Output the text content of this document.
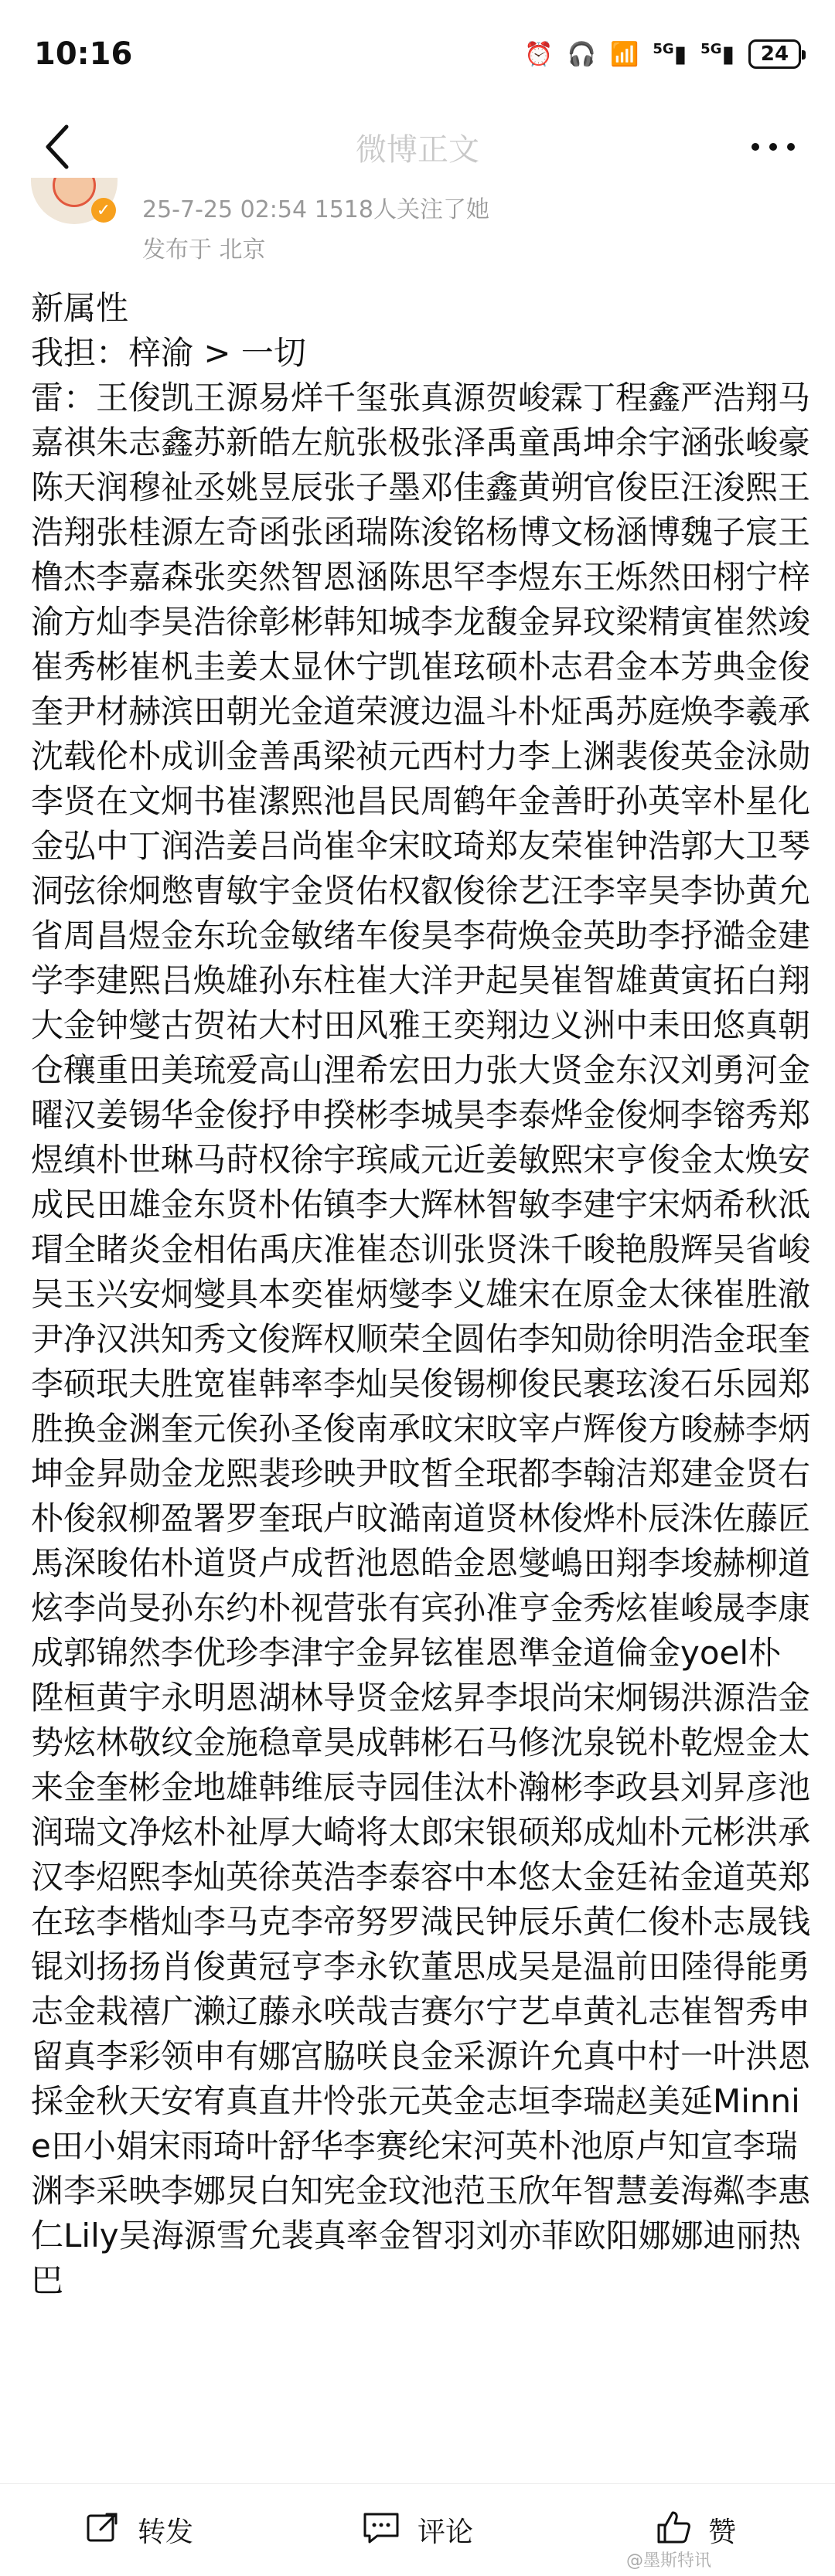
10:16	⏰ 🎧 📶 $^{5G}$▮ $^{5G}$▮ 24
微博正文
✓ 25-7-25 02:54 1518人关注了她
发布于 北京

新属性

我担：梓渝 > 一切

雷：王俊凯王源易烊千玺张真源贺峻霖丁程鑫严浩翔马嘉祺朱志鑫苏新皓左航张极张泽禹童禹坤余宇涵张峻豪陈天润穆祉丞姚昱辰张子墨邓佳鑫黄朔官俊臣汪浚熙王浩翔张桂源左奇函张函瑞陈浚铭杨博文杨涵博魏子宸王橹杰李嘉森张奕然智恩涵陈思罕李煜东王烁然田栩宁梓渝方灿李昊浩徐彰彬韩知城李龙馥金昇玟梁精寅崔然竣崔秀彬崔杋圭姜太显休宁凯崔玹硕朴志君金本芳典金俊奎尹材赫滨田朝光金道荣渡边温斗朴炡禹苏庭焕李羲承沈载伦朴成训金善禹梁祯元西村力李上渊裴俊英金泳勋李贤在文炯书崔潔熙池昌民周鹤年金善盱孙英宰朴星化金弘中丁润浩姜吕尚崔伞宋旼琦郑友荣崔钟浩郭大卫琴洞弦徐炯憋曺敏宇金贤佑权叡俊徐艺汪李宰昊李协黄允省周昌煜金东玧金敏绪车俊昊李荷焕金英助李抒澔金建学李建熙吕焕雄孙东柱崔大洋尹起昊崔智雄黄寅拓白翔大金钟燮古贺祐大村田风雅王奕翔边义洲中耒田悠真朝仓穰重田美琉爱高山浬希宏田力张大贤金东汉刘勇河金曜汉姜锡华金俊抒申揆彬李城昊李泰烨金俊炯李镕秀郑煜缜朴世琳马莳权徐宇瑸咸元近姜敏熙宋亨俊金太焕安成民田雄金东贤朴佑镇李大辉林智敏李建宇宋炳希秋泜瑁全睹炎金相佑禹庆准崔态训张贤洙千晙艳殷辉吴省峻吴玉兴安炯燮具本奕崔炳燮李义雄宋在原金太徕崔胜澈尹净汉洪知秀文俊辉权顺荣全圆佑李知勋徐明浩金珉奎李硕珉夫胜宽崔韩率李灿吴俊锡柳俊民裹玹浚石乐园郑胜换金渊奎元俟孙圣俊南承旼宋旼宰卢辉俊方晙赫李炳坤金昇勋金龙熙裴珍映尹旼皙全珉都李翰洁郑建金贤右朴俊叙柳盈署罗奎珉卢旼澔南道贤林俊烨朴辰洙佐藤匠馬深晙佑朴道贤卢成哲池恩皓金恩燮嶋田翔李埈赫柳道炫李尚旻孙东约朴视营张有宾孙准亨金秀炫崔峻晟李康成郭锦然李优珍李津宇金昇铉崔恩準金道倫金yoel朴陞桓黄宇永明恩湖林导贤金炫昇李垠尚宋炯锡洪源浩金势炫林敬纹金施稳章昊成韩彬石马修沈泉锐朴乾煜金太来金奎彬金地雄韩维辰寺园佳汰朴瀚彬李政县刘昇彦池润瑞文净炫朴祉厚大崎将太郎宋银硕郑成灿朴元彬洪承汉李炤熙李灿英徐英浩李泰容中本悠太金廷祐金道英郑在玹李楷灿李马克李帝努罗渽民钟辰乐黄仁俊朴志晟钱锟刘扬扬肖俊黄冠亨李永钦董思成吴是温前田陸得能勇志金栽禧广濑辽藤永咲哉吉赛尔宁艺卓黄礼志崔智秀申留真李彩领申有娜宫脇咲良金采源许允真中村一叶洪恩採金秋天安宥真直井怜张元英金志垣李瑞赵美延Minnie田小娟宋雨琦叶舒华李赛纶宋河英朴池原卢知宣李瑞渊李采映李娜炅白知宪金玟池范玉欣年智慧姜海粼李惠仁Lily吴海源雪允裴真率金智羽刘亦菲欧阳娜娜迪丽热巴

转发	评论	赞
@墨斯特讯
